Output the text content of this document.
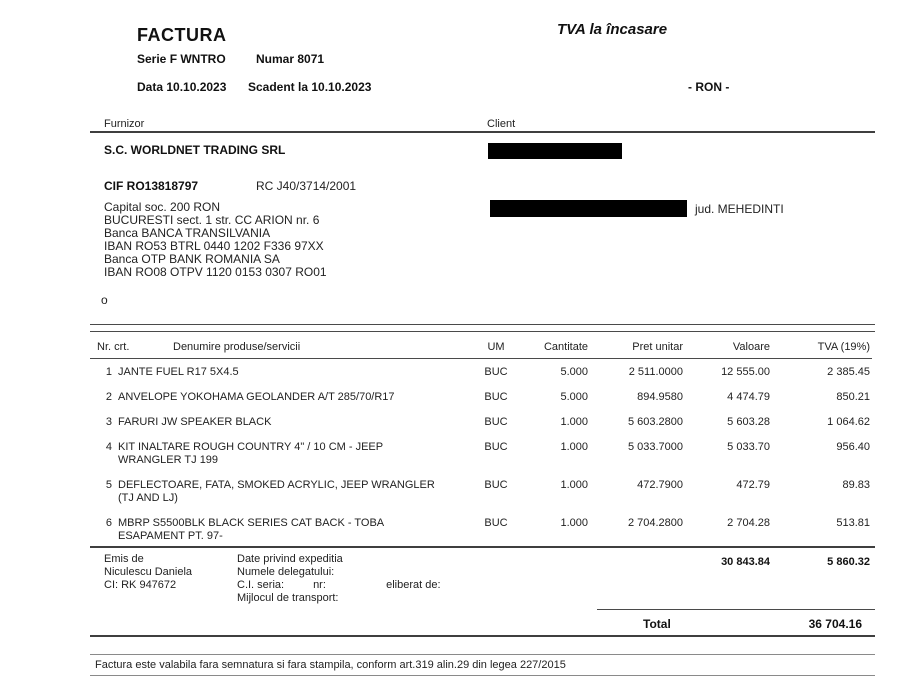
FACTURA	TVA la încasare
Serie F WNTRO	Numar 8071
Data 10.10.2023 Scadent la 10.10.2023	- RON -
Furnizor	Client
S.C. WORLDNET TRADING SRL
CIF RO13818797	RC J40/3714/2001
Capital soc. 200 RON
BUCURESTI sect. 1 str. CC ARION nr. 6
Banca BANCA TRANSILVANIA
IBAN RO53 BTRL 0440 1202 F336 97XX
Banca OTP BANK ROMANIA SA
IBAN RO08 OTPV 1120 0153 0307 RO01
o
jud. MEHEDINTI
Nr. crt.	Denumire produse/servicii	UM	Cantitate	Pret unitar	Valoare	TVA (19%)
1 JANTE FUEL R17 5X4.5	BUC	5.000	2 511.0000	12 555.00	2 385.45
2 ANVELOPE YOKOHAMA GEOLANDER A/T 285/70/R17	BUC	5.000	894.9580	4 474.79	850.21
3 FARURI JW SPEAKER BLACK	BUC	1.000	5 603.2800	5 603.28	1 064.62
4 KIT INALTARE ROUGH COUNTRY 4" / 10 CM - JEEP
WRANGLER TJ 199
BUC	1.000	5 033.7000	5 033.70	956.40
5 DEFLECTOARE, FATA, SMOKED ACRYLIC, JEEP WRANGLER
(TJ AND LJ)
BUC	1.000	472.7900	472.79	89.83
6 MBRP S5500BLK BLACK SERIES CAT BACK - TOBA
ESAPAMENT PT. 97-
BUC	1.000	2 704.2800	2 704.28	513.81
Emis de
Niculescu Daniela
CI: RK 947672
Date privind expeditia
Numele delegatului:
C.I. seria:	nr:	eliberat de:
Mijlocul de transport:
30 843.84	5 860.32
Total	36 704.16
Factura este valabila fara semnatura si fara stampila, conform art.319 alin.29 din legea 227/2015
